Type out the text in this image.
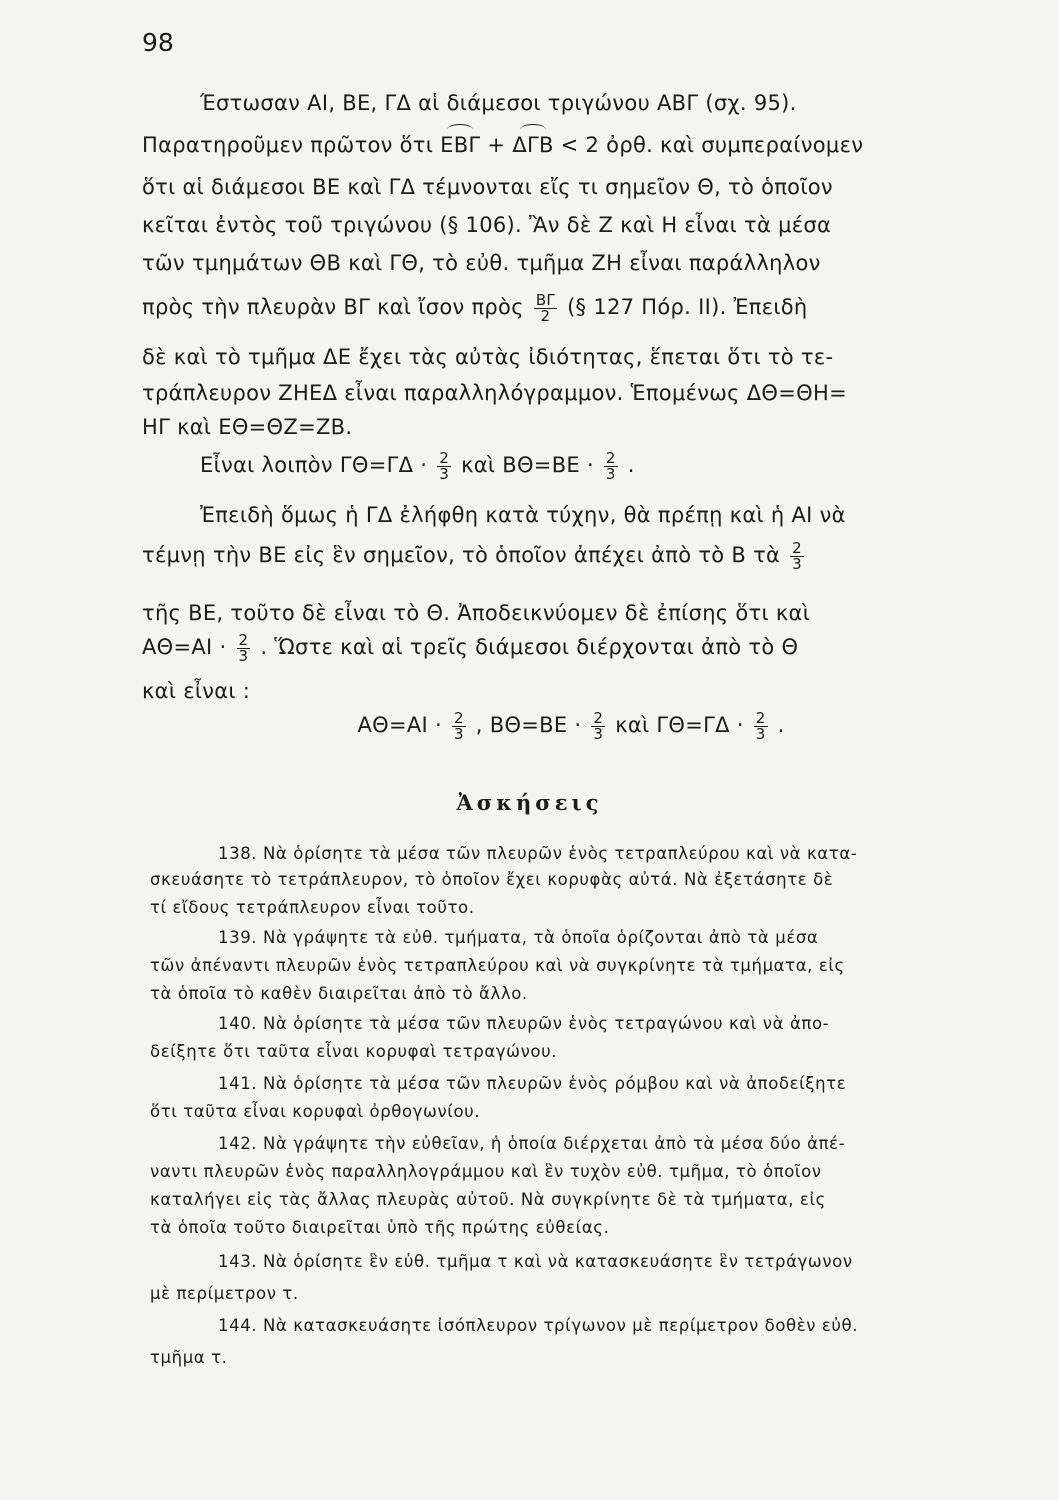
98
Έστωσαν ΑΙ, ΒΕ, ΓΔ αἱ διάμεσοι τριγώνου ΑΒΓ (σχ. 95).
Παρατηροῦμεν πρῶτον ὅτι ΕΒΓ + ΔΓΒ < 2 ὀρθ. καὶ συμπεραίνομεν
ὅτι αἱ διάμεσοι ΒΕ καὶ ΓΔ τέμνονται εἴς τι σημεῖον Θ, τὸ ὁποῖον
κεῖται ἐντὸς τοῦ τριγώνου (§ 106). Ἂν δὲ Ζ καὶ Η εἶναι τὰ μέσα
τῶν τμημάτων ΘΒ καὶ ΓΘ, τὸ εὐθ. τμῆμα ΖΗ εἶναι παράλληλον
πρὸς τὴν πλευρὰν ΒΓ καὶ ἴσον πρὸς $\frac{B\Gamma}{2}$ (§ 127 Πόρ. II). Ἐπειδὴ
δὲ καὶ τὸ τμῆμα ΔΕ ἔχει τὰς αὐτὰς ἰδιότητας, ἕπεται ὅτι τὸ τε-
τράπλευρον ΖΗΕΔ εἶναι παραλληλόγραμμον. Ἑπομένως ΔΘ=ΘΗ=
ΗΓ καὶ ΕΘ=ΘΖ=ΖΒ.
Εἶναι λοιπὸν $\Gamma\Theta=\Gamma\Delta \cdot \frac{2}{3}$ καὶ $B\Theta=BE \cdot \frac{2}{3}$ .
Ἐπειδὴ ὅμως ἡ ΓΔ ἐλήφθη κατὰ τύχην, θὰ πρέπῃ καὶ ἡ ΑΙ νὰ
τέμνῃ τὴν ΒΕ εἰς ἓν σημεῖον, τὸ ὁποῖον ἀπέχει ἀπὸ τὸ Β τὰ $\frac{2}{3}$
τῆς ΒΕ, τοῦτο δὲ εἶναι τὸ Θ. Ἀποδεικνύομεν δὲ ἐπίσης ὅτι καὶ
$A\Theta=AI \cdot \frac{2}{3}$ . Ὥστε καὶ αἱ τρεῖς διάμεσοι διέρχονται ἀπὸ τὸ Θ
καὶ εἶναι :
$A\Theta=AI \cdot \frac{2}{3}$ , $B\Theta=BE \cdot \frac{2}{3}$ καὶ $\Gamma\Theta=\Gamma\Delta \cdot \frac{2}{3}$ .
Ἀσκήσεις
138. Νὰ ὁρίσητε τὰ μέσα τῶν πλευρῶν ἑνὸς τετραπλεύρου καὶ νὰ κατα-
σκευάσητε τὸ τετράπλευρον, τὸ ὁποῖον ἔχει κορυφὰς αὐτά. Νὰ ἐξετάσητε δὲ
τί εἴδους τετράπλευρον εἶναι τοῦτο.
139. Νὰ γράψητε τὰ εὐθ. τμήματα, τὰ ὁποῖα ὁρίζονται ἀπὸ τὰ μέσα
τῶν ἀπέναντι πλευρῶν ἑνὸς τετραπλεύρου καὶ νὰ συγκρίνητε τὰ τμήματα, εἰς
τὰ ὁποῖα τὸ καθὲν διαιρεῖται ἀπὸ τὸ ἄλλο.
140. Νὰ ὁρίσητε τὰ μέσα τῶν πλευρῶν ἑνὸς τετραγώνου καὶ νὰ ἀπο-
δείξητε ὅτι ταῦτα εἶναι κορυφαὶ τετραγώνου.
141. Νὰ ὁρίσητε τὰ μέσα τῶν πλευρῶν ἑνὸς ρόμβου καὶ νὰ ἀποδείξητε
ὅτι ταῦτα εἶναι κορυφαὶ ὀρθογωνίου.
142. Νὰ γράψητε τὴν εὐθεῖαν, ἡ ὁποία διέρχεται ἀπὸ τὰ μέσα δύο ἀπέ-
ναντι πλευρῶν ἑνὸς παραλληλογράμμου καὶ ἓν τυχὸν εὐθ. τμῆμα, τὸ ὁποῖον
καταλήγει εἰς τὰς ἄλλας πλευρὰς αὐτοῦ. Νὰ συγκρίνητε δὲ τὰ τμήματα, εἰς
τὰ ὁποῖα τοῦτο διαιρεῖται ὑπὸ τῆς πρώτης εὐθείας.
143. Νὰ ὁρίσητε ἓν εὐθ. τμῆμα τ καὶ νὰ κατασκευάσητε ἓν τετράγωνον
μὲ περίμετρον τ.
144. Νὰ κατασκευάσητε ἰσόπλευρον τρίγωνον μὲ περίμετρον δοθὲν εὐθ.
τμῆμα τ.
